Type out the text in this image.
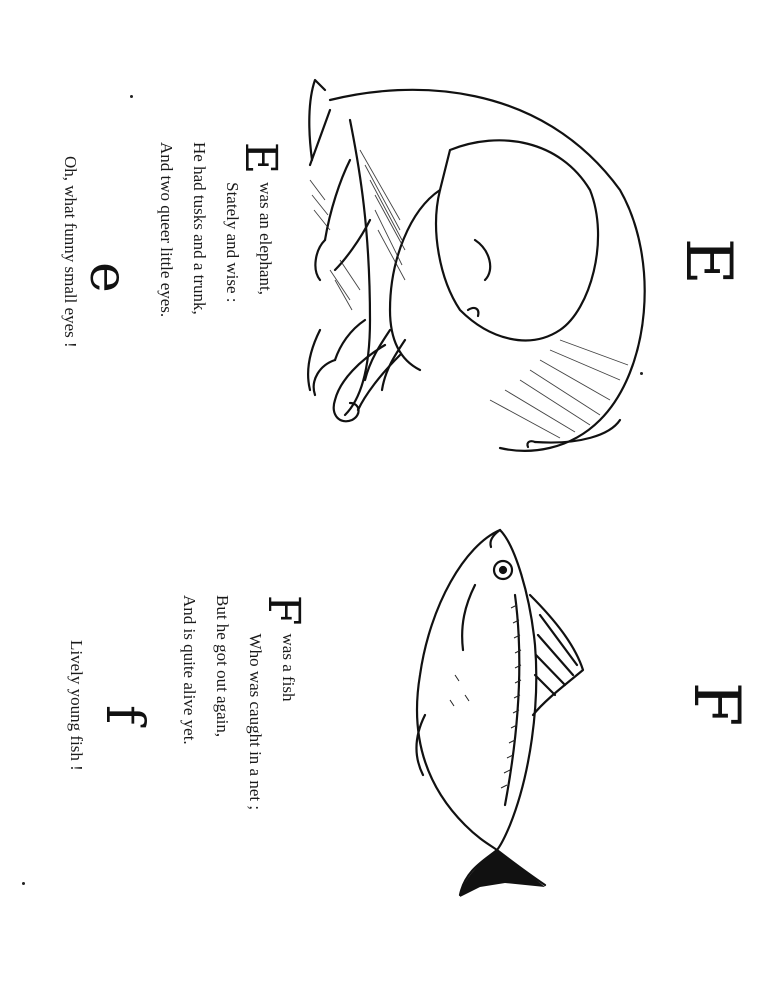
E
E
was an elephant,
Stately and wise :
He had tusks and a trunk,
And two queer little eyes.
e
Oh, what funny small eyes !
F
F
was a fish
Who was caught in a net ;
But he got out again,
And is quite alive yet.
f
Lively young fish !
